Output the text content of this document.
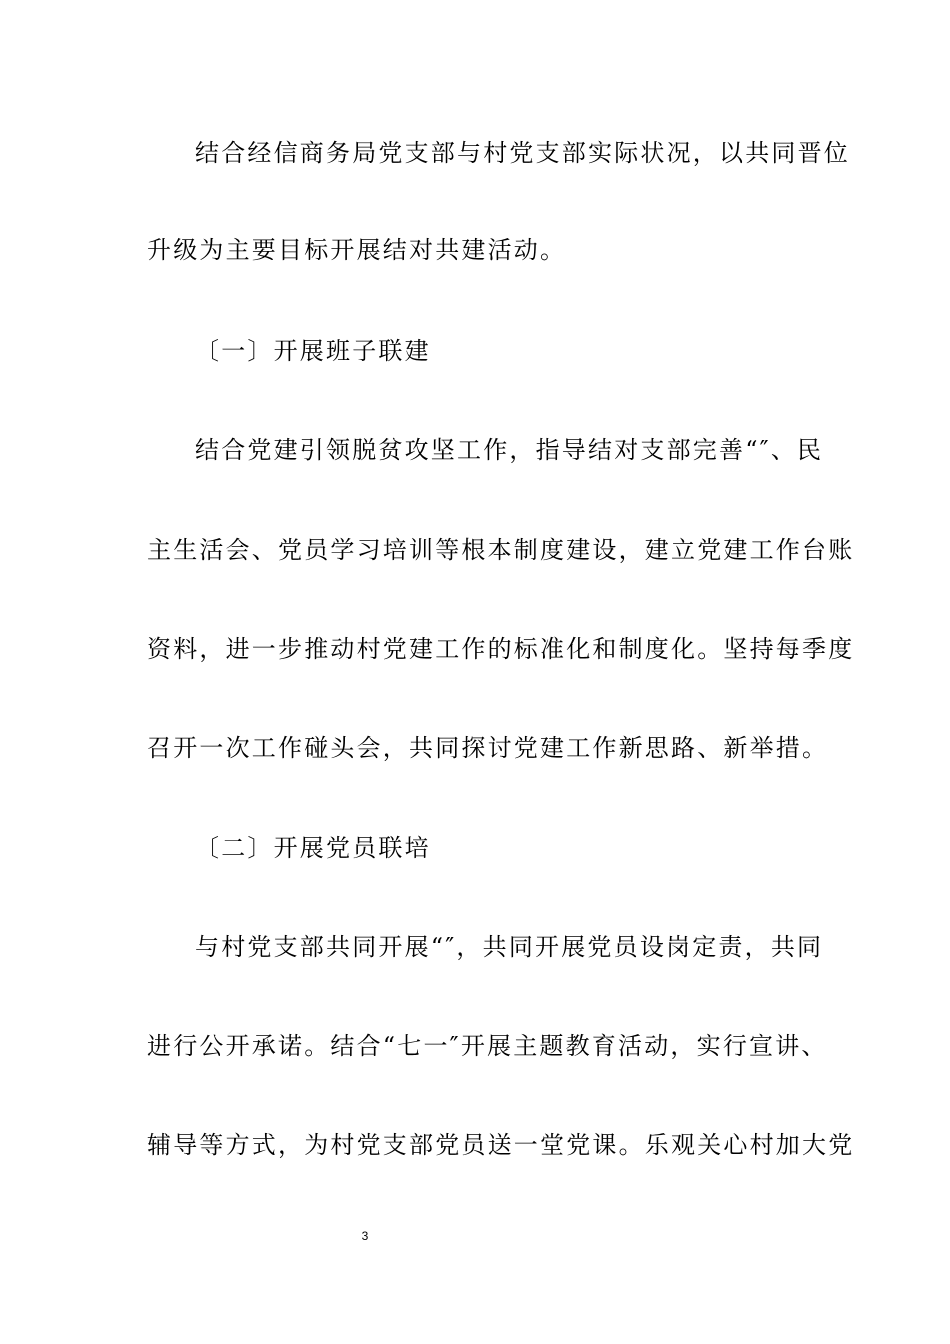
结合经信商务局党支部与村党支部实际状况，以共同晋位
升级为主要目标开展结对共建活动。
〔一〕开展班子联建
结合党建引领脱贫攻坚工作，指导结对支部完善“″、民
主生活会、党员学习培训等根本制度建设，建立党建工作台账
资料，进一步推动村党建工作的标准化和制度化。坚持每季度
召开一次工作碰头会，共同探讨党建工作新思路、新举措。
〔二〕开展党员联培
与村党支部共同开展“″，共同开展党员设岗定责，共同
进行公开承诺。结合“七一″开展主题教育活动，实行宣讲、
辅导等方式，为村党支部党员送一堂党课。乐观关心村加大党
3
